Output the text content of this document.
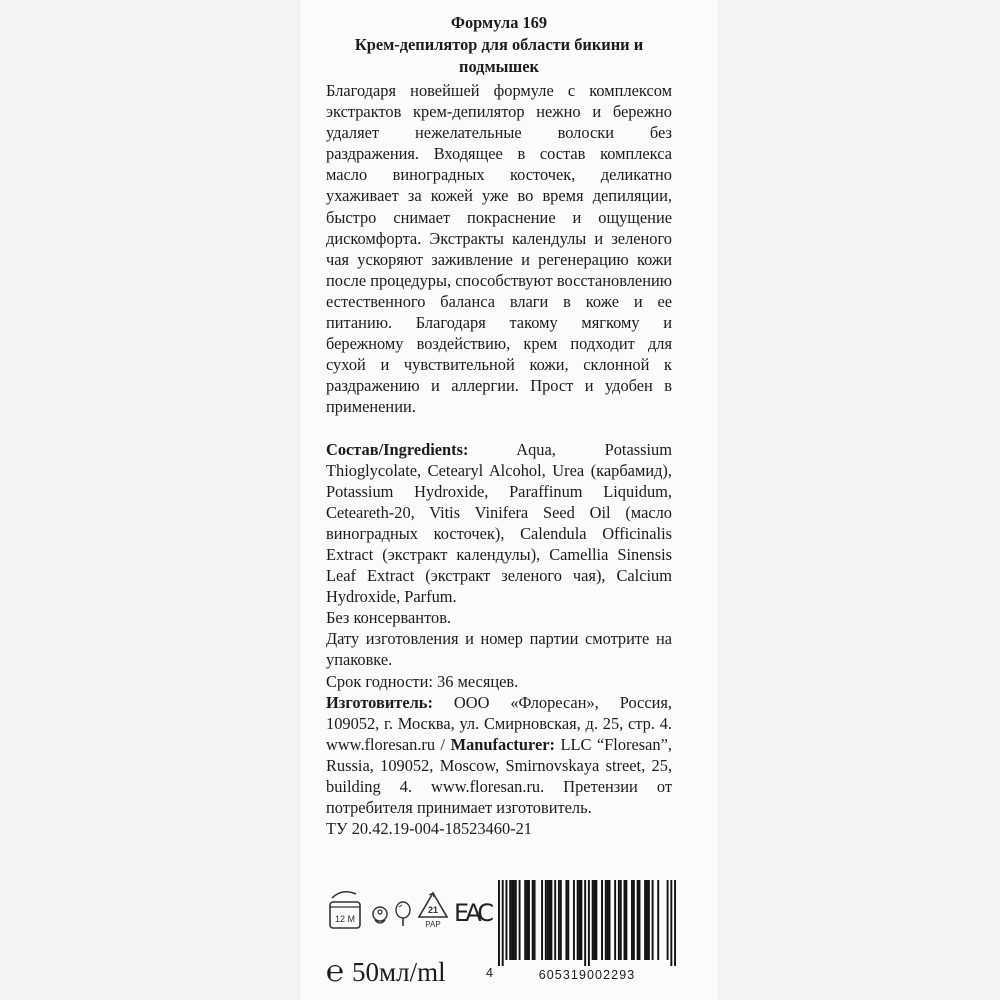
Формула 169
Крем-депилятор для области бикини и
подмышек
Благодаря новейшей формуле с комплексом экстрактов крем-депилятор нежно и бережно удаляет нежелательные волоски без раздражения. Входящее в состав комплекса масло виноградных косточек, деликатно ухаживает за кожей уже во время депиляции, быстро снимает покраснение и ощущение дискомфорта. Экстракты календулы и зеленого чая ускоряют заживление и регенерацию кожи после процедуры, способствуют восстановлению естественного баланса влаги в коже и ее питанию. Благодаря такому мягкому и бережному воздействию, крем подходит для сухой и чувствительной кожи, склонной к раздражению и аллергии. Прост и удобен в применении.
Состав/Ingredients: Aqua, Potassium Thioglycolate, Cetearyl Alcohol, Urea (карбамид), Potassium Hydroxide, Paraffinum Liquidum, Ceteareth-20, Vitis Vinifera Seed Oil (масло виноградных косточек), Calendula Officinalis Extract (экстракт календулы), Camellia Sinensis Leaf Extract (экстракт зеленого чая), Calcium Hydroxide, Parfum.
Без консервантов.
Дату изготовления и номер партии смотрите на упаковке.
Срок годности: 36 месяцев.
Изготовитель: ООО «Флоресан», Россия, 109052, г. Москва, ул. Смирновская, д. 25, стр. 4. www.floresan.ru / Manufacturer: LLC “Floresan”, Russia, 109052, Moscow, Smirnovskaya street, 25, building 4. www.floresan.ru. Претензии от потребителя принимает изготовитель.
ТУ 20.42.19-004-18523460-21
12 M
21
PAP EAC
℮ 50мл/ml	4	605319002293
